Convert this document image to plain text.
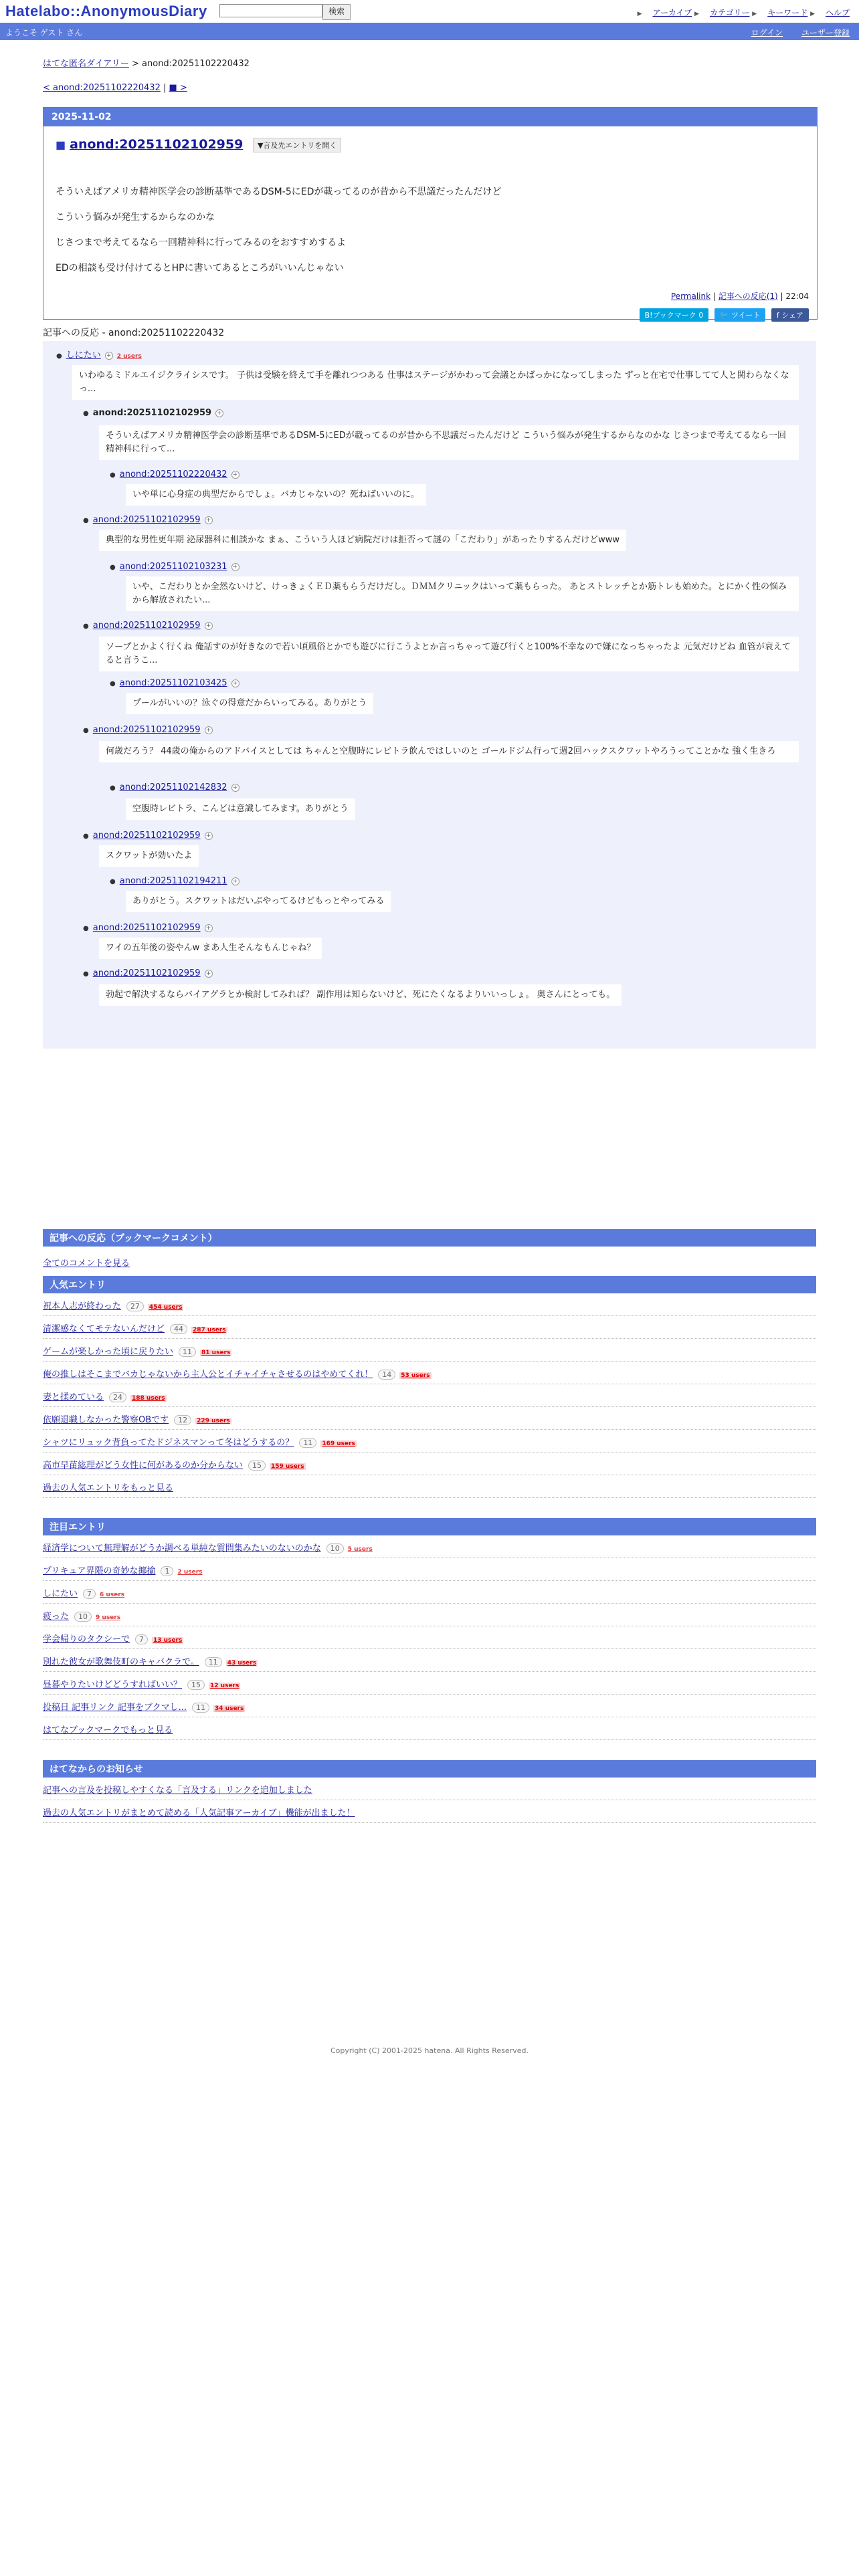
Hatelabo::AnonymousDiary	検索	▶ アーカイブ ▶ カテゴリー ▶ キーワード ▶ ヘルプ
ようこそ ゲスト さん	ログイン ユーザー登録
はてな匿名ダイアリー > anond:20251102220432
< anond:20251102220432 | ■ >
2025-11-02
■ anond:20251102102959 ▼言及先エントリを開く

そういえばアメリカ精神医学会の診断基準であるDSM-5にEDが載ってるのが昔から不思議だったんだけど

こういう悩みが発生するからなのかな

じさつまで考えてるなら一回精神科に行ってみるのをおすすめするよ

EDの相談も受け付けてるとHPに書いてあるところがいいんじゃない

Permalink | 記事への反応(1) | 22:04
B!ブックマーク 0 🐦 ツイート f シェア
記事への反応 - anond:20251102220432
● しにたい + 2 users
いわゆるミドルエイジクライシスです。 子供は受験を終えて手を離れつつある 仕事はステージがかわって会議とかばっかになってしまった ずっと在宅で仕事してて人と関わらなくなっ...
● anond:20251102102959 +
そういえばアメリカ精神医学会の診断基準であるDSM-5にEDが載ってるのが昔から不思議だったんだけど こういう悩みが発生するからなのかな じさつまで考えてるなら一回精神科に行って...
● anond:20251102220432 +
いや単に心身症の典型だからでしょ。バカじゃないの？死ねばいいのに。
● anond:20251102102959 +
典型的な男性更年期 泌尿器科に相談かな まぁ、こういう人ほど病院だけは拒否って謎の「こだわり」があったりするんだけどwww
● anond:20251102103231 +
いや、こだわりとか全然ないけど、けっきょくＥＤ薬もらうだけだし。ＤＭＭクリニックはいって薬もらった。 あとストレッチとか筋トレも始めた。とにかく性の悩みから解放されたい...
● anond:20251102102959 +
ソープとかよく行くね 俺話すのが好きなので若い頃風俗とかでも遊びに行こうよとか言っちゃって遊び行くと100%不幸なので嫌になっちゃったよ 元気だけどね 血管が衰えてると言うこ...
● anond:20251102103425 +
プールがいいの？泳ぐの得意だからいってみる。ありがとう
● anond:20251102102959 +
何歳だろう？ 44歳の俺からのアドバイスとしては ちゃんと空腹時にレビトラ飲んではしいのと ゴールドジム行って週2回ハックスクワットやろうってことかな 強く生きろ
● anond:20251102142832 +
空腹時レビトラ、こんどは意識してみます。ありがとう
● anond:20251102102959 +
スクワットが効いたよ
● anond:20251102194211 +
ありがとう。スクワットはだいぶやってるけどもっとやってみる
● anond:20251102102959 +
ワイの五年後の姿やんw まあ人生そんなもんじゃね？
● anond:20251102102959 +
勃起で解決するならバイアグラとか検討してみれば？ 副作用は知らないけど、死にたくなるよりいいっしょ。 奥さんにとっても。
記事への反応（ブックマークコメント）
全てのコメントを見る
人気エントリ
祝本人志が終わった 27 454 users
清潔感なくてモテないんだけど 44 287 users
ゲームが楽しかった頃に戻りたい 11 81 users
俺の推しはそこまでバカじゃないから主人公とイチャイチャさせるのはやめてくれ！ 14 53 users
妻と揉めている 24 188 users
依願退職しなかった警察OBです 12 229 users
シャツにリュック背負ってたドジネスマンって冬はどうするの？ 11 169 users
高市早苗総理がどう女性に何があるのか分からない 15 159 users
過去の人気エントリをもっと見る
注目エントリ
経済学について無理解がどうか調べる単純な質問集みたいのないのかな 10 5 users
プリキュア界隈の奇妙な揶揄 1 2 users
しにたい 7 6 users
疲った 10 9 users
学会帰りのタクシーで 7 13 users
別れた彼女が歌舞伎町のキャバクラで。 11 43 users
昼暮やりたいけどどうすればいい？ 15 12 users
投稿日 記事リンク 記事をブクマし... 11 34 users
はてなブックマークでもっと見る
はてなからのお知らせ
記事への言及を投稿しやすくなる「言及する」リンクを追加しました
過去の人気エントリがまとめて読める「人気記事アーカイブ」機能が出ました！
Copyright (C) 2001-2025 hatena. All Rights Reserved.
